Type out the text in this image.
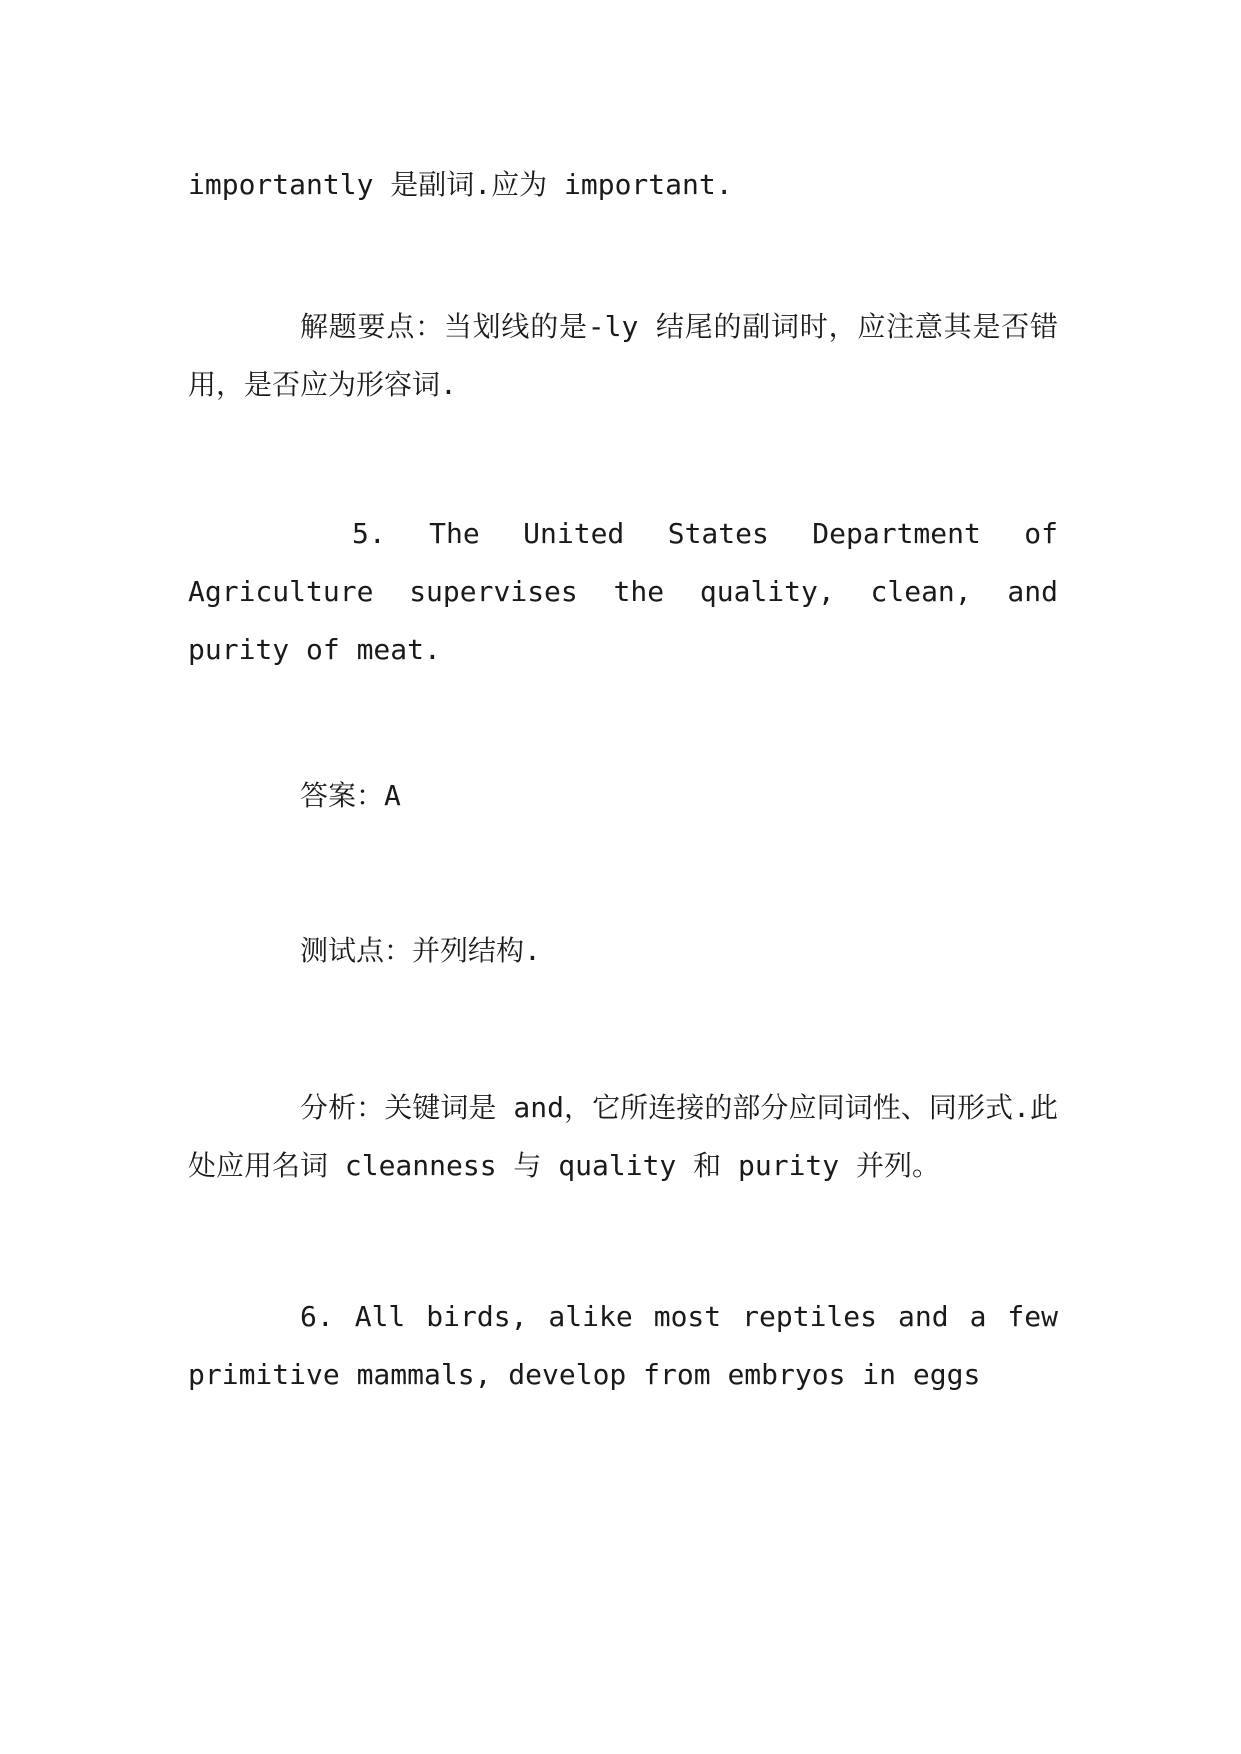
importantly 是副词.应为 important.

解题要点：当划线的是-ly 结尾的副词时，应注意其是否错用，是否应为形容词.

5. The United States Department of Agriculture supervises the quality, clean, and purity of meat.

答案：A

测试点：并列结构.

分析：关键词是 and，它所连接的部分应同词性、同形式.此处应用名词 cleanness 与 quality 和 purity 并列。

6. All birds, alike most reptiles and a few primitive mammals, develop from embryos in eggs
